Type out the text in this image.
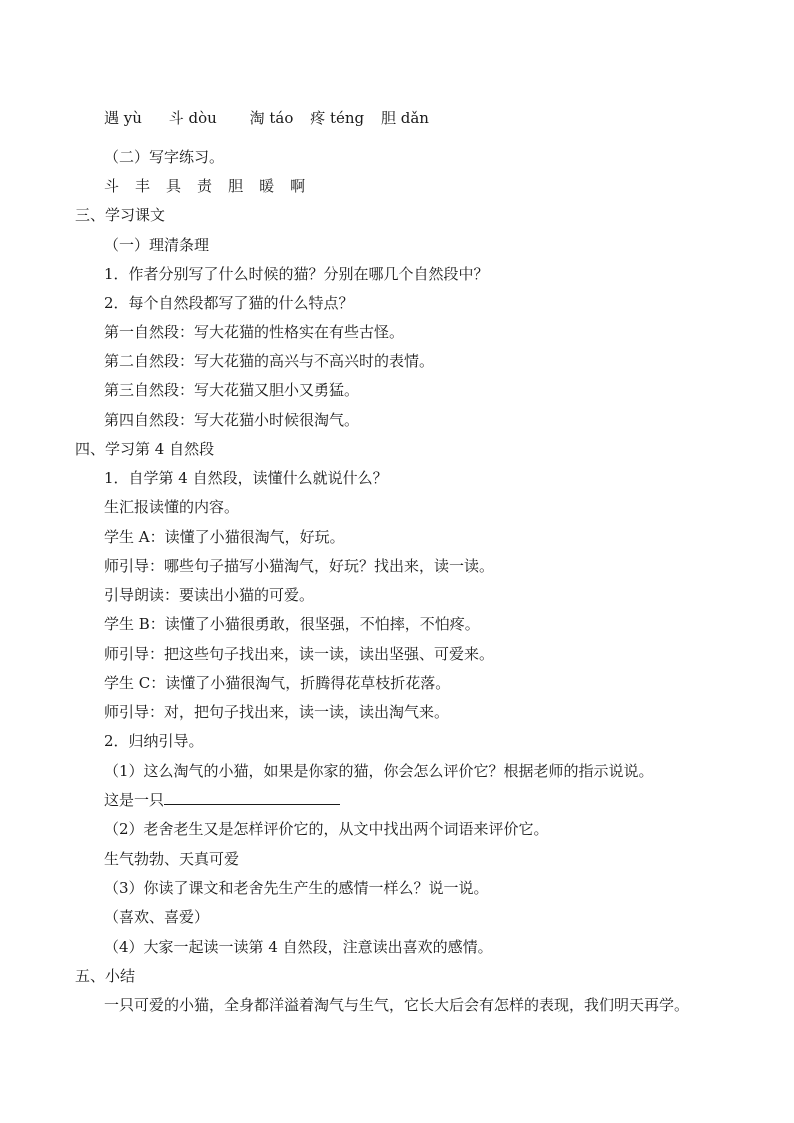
遇 yù 斗 dòu 淘 táo 疼 téng 胆 dǎn
（二）写字练习。
斗 丰 具 责 胆 暖 啊
三、学习课文
（一）理清条理
1．作者分别写了什么时候的猫？分别在哪几个自然段中？
2．每个自然段都写了猫的什么特点？
第一自然段：写大花猫的性格实在有些古怪。
第二自然段：写大花猫的高兴与不高兴时的表情。
第三自然段：写大花猫又胆小又勇猛。
第四自然段：写大花猫小时候很淘气。
四、学习第 4 自然段
1．自学第 4 自然段，读懂什么就说什么？
生汇报读懂的内容。
学生 A：读懂了小猫很淘气，好玩。
师引导：哪些句子描写小猫淘气，好玩？找出来，读一读。
引导朗读：要读出小猫的可爱。
学生 B：读懂了小猫很勇敢，很坚强，不怕摔，不怕疼。
师引导：把这些句子找出来，读一读，读出坚强、可爱来。
学生 C：读懂了小猫很淘气，折腾得花草枝折花落。
师引导：对，把句子找出来，读一读，读出淘气来。
2．归纳引导。
（1）这么淘气的小猫，如果是你家的猫，你会怎么评价它？根据老师的指示说说。
这是一只
（2）老舍老生又是怎样评价它的，从文中找出两个词语来评价它。
生气勃勃、天真可爱
（3）你读了课文和老舍先生产生的感情一样么？说一说。
（喜欢、喜爱）
（4）大家一起读一读第 4 自然段，注意读出喜欢的感情。
五、小结
一只可爱的小猫，全身都洋溢着淘气与生气，它长大后会有怎样的表现，我们明天再学。
